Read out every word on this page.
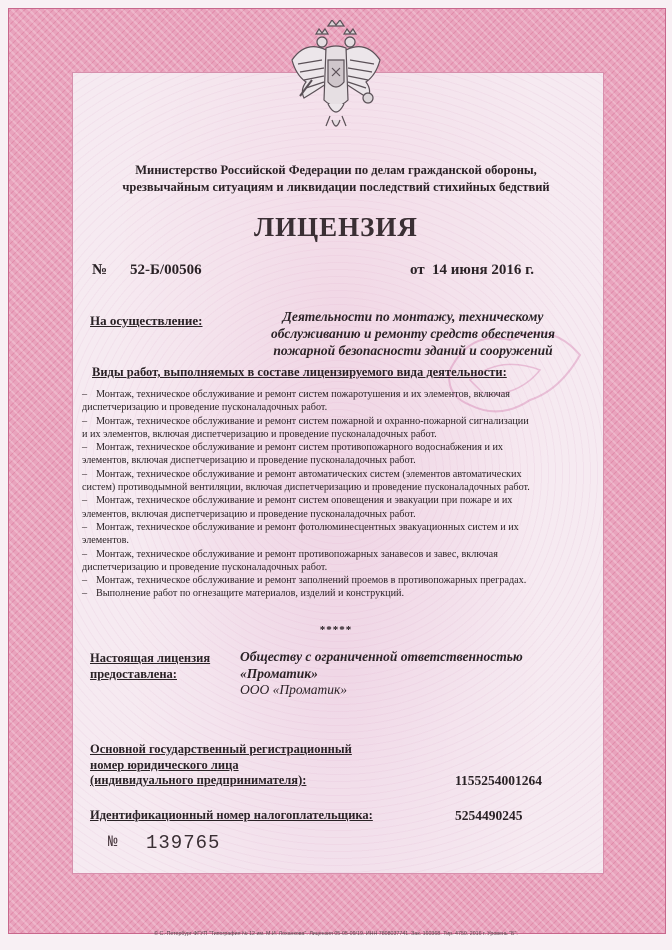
Министерство Российской Федерации по делам гражданской обороны,
чрезвычайным ситуациям и ликвидации последствий стихийных бедствий
ЛИЦЕНЗИЯ
№ 52-Б/00506	от 14 июня 2016 г.
На осуществление:	Деятельности по монтажу, техническому
обслуживанию и ремонту средств обеспечения
пожарной безопасности зданий и сооружений
Виды работ, выполняемых в составе лицензируемого вида деятельности:
– Монтаж, техническое обслуживание и ремонт систем пожаротушения и их элементов, включая
диспетчеризацию и проведение пусконаладочных работ.
– Монтаж, техническое обслуживание и ремонт систем пожарной и охранно-пожарной сигнализации
и их элементов, включая диспетчеризацию и проведение пусконаладочных работ.
– Монтаж, техническое обслуживание и ремонт систем противопожарного водоснабжения и их
элементов, включая диспетчеризацию и проведение пусконаладочных работ.
– Монтаж, техническое обслуживание и ремонт автоматических систем (элементов автоматических
систем) противодымной вентиляции, включая диспетчеризацию и проведение пусконаладочных работ.
– Монтаж, техническое обслуживание и ремонт систем оповещения и эвакуации при пожаре и их
элементов, включая диспетчеризацию и проведение пусконаладочных работ.
– Монтаж, техническое обслуживание и ремонт фотолюминесцентных эвакуационных систем и их
элементов.
– Монтаж, техническое обслуживание и ремонт противопожарных занавесов и завес, включая
диспетчеризацию и проведение пусконаладочных работ.
– Монтаж, техническое обслуживание и ремонт заполнений проемов в противопожарных преградах.
– Выполнение работ по огнезащите материалов, изделий и конструкций.
*****
Настоящая лицензия
предоставлена:
Обществу с ограниченной ответственностью
«Проматик»
ООО «Проматик»
Основной государственный регистрационный
номер юридического лица
(индивидуального предпринимателя):	1155254001264
Идентификационный номер налогоплательщика:	5254490245
№ 139765
© С.-Петербург ФГУП "Типография № 12 им. М.И. Лоханкова". Лицензия 05-05-09/19. ИНН 7808037741. Зак. 160368. Тир. 4750. 2016 г. Уровень "Б".
